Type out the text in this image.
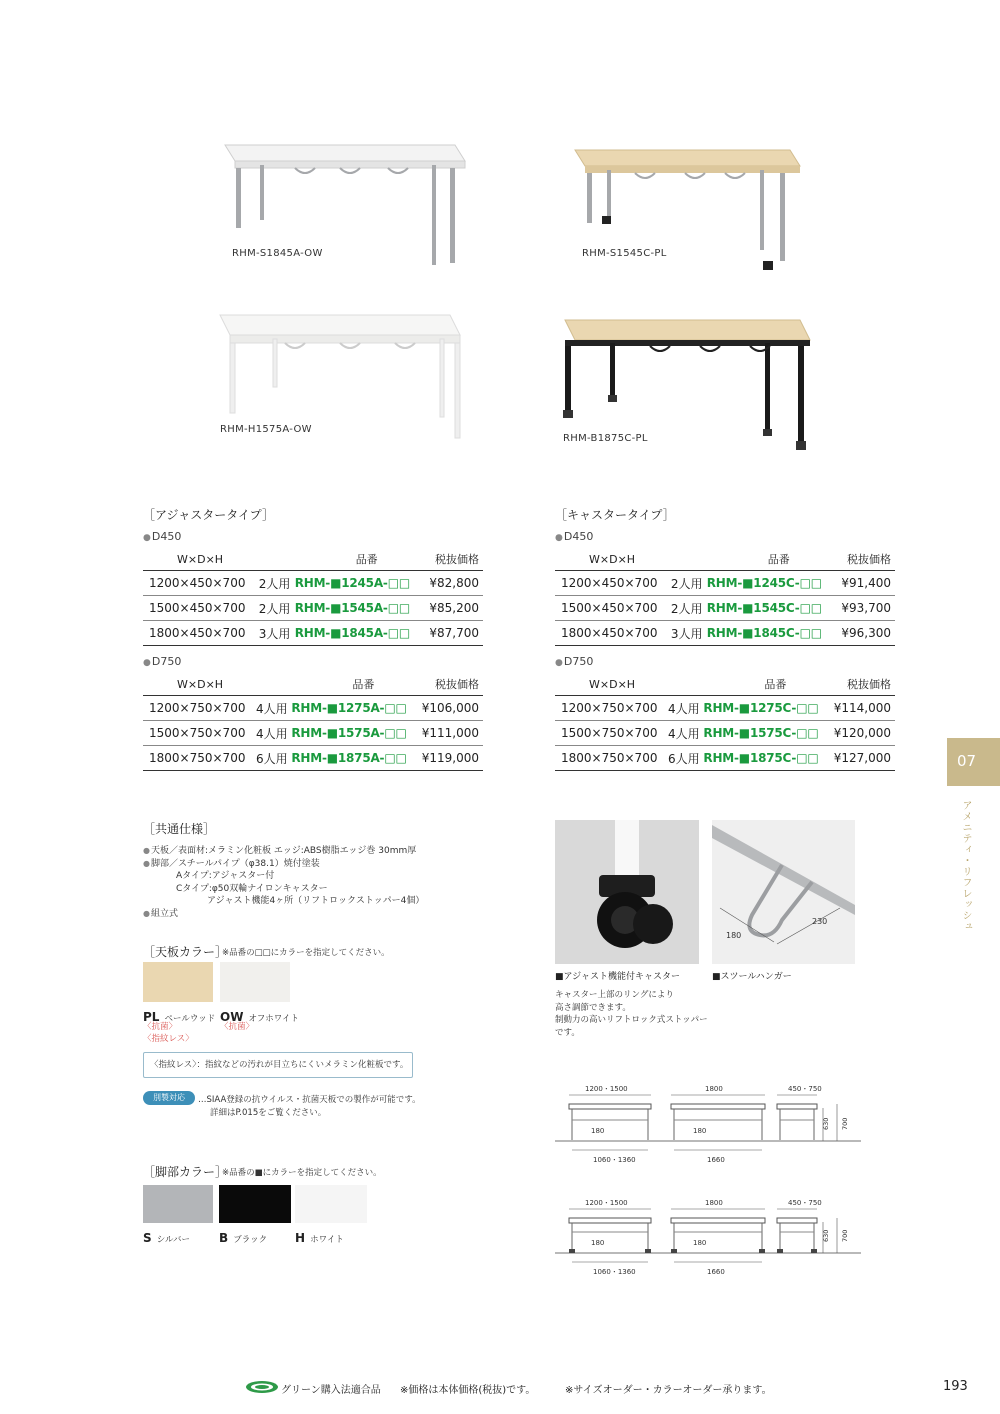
RHM-S1845A-OW	RHM-S1545C-PL
RHM-H1575A-OW
RHM-B1875C-PL
［アジャスタータイプ］
● D450
W×D×H		品番	税抜価格
1200×450×700	2人用	RHM-■1245A-□□	¥82,800
1500×450×700	2人用	RHM-■1545A-□□	¥85,200
1800×450×700	3人用	RHM-■1845A-□□	¥87,700
● D750
W×D×H		品番	税抜価格
1200×750×700	4人用	RHM-■1275A-□□	¥106,000
1500×750×700	4人用	RHM-■1575A-□□	¥111,000
1800×750×700	6人用	RHM-■1875A-□□	¥119,000
［キャスタータイプ］
● D450
W×D×H		品番	税抜価格
1200×450×700	2人用	RHM-■1245C-□□	¥91,400
1500×450×700	2人用	RHM-■1545C-□□	¥93,700
1800×450×700	3人用	RHM-■1845C-□□	¥96,300
● D750
W×D×H		品番	税抜価格
1200×750×700	4人用	RHM-■1275C-□□	¥114,000
1500×750×700	4人用	RHM-■1575C-□□	¥120,000
1800×750×700	6人用	RHM-■1875C-□□	¥127,000	07
アメニティ・リフレッシュ
［共通仕様］
● 天板／表面材:メラミン化粧板 エッジ:ABS樹脂エッジ巻 30mm厚
● 脚部／スチールパイプ（φ38.1）焼付塗装
Aタイプ:アジャスター付
Cタイプ:φ50双輪ナイロンキャスター
アジャスト機能4ヶ所（リフトロックストッパー4個）
● 組立式
［天板カラー］
※品番の□□にカラーを指定してください。
PL ペールウッド
〈抗菌〉
〈指紋レス〉
OW オフホワイト
〈抗菌〉
〈指紋レス〉：指紋などの汚れが目立ちにくいメラミン化粧板です。
別製対応	…SIAA登録の抗ウイルス・抗菌天板での製作が可能です。
詳細はP.015をご覧ください。
［脚部カラー］
※品番の■にカラーを指定してください。
S シルバー B ブラック H ホワイト
180
230
■アジャスト機能付キャスター	■スツールハンガー
キャスター上部のリングにより
高さ調節できます。
制動力の高いリフトロック式ストッパー
です。
1200・1500	1800	450・750
1060・1360	1660
180	180
630 700
1200・1500	1800	450・750
1060・1360	1660
180	180
630 700
グリーン購入法適合品 ※価格は本体価格(税抜)です。	※サイズオーダー・カラーオーダー承ります。	193
